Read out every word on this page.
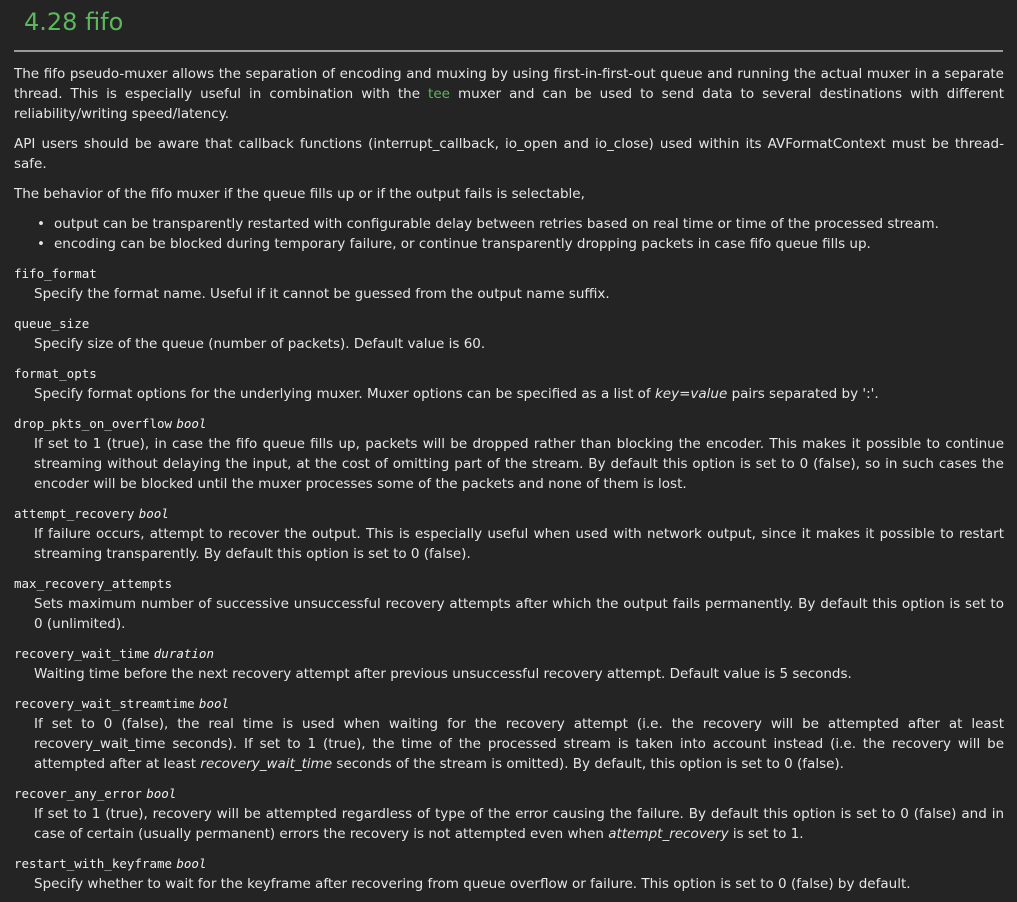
4.28 fifo

The fifo pseudo-muxer allows the separation of encoding and muxing by using first-in-first-out queue and running the actual muxer in a separate thread. This is especially useful in combination with the tee muxer and can be used to send data to several destinations with different reliability/writing speed/latency.

API users should be aware that callback functions (interrupt_callback, io_open and io_close) used within its AVFormatContext must be thread-safe.

The behavior of the fifo muxer if the queue fills up or if the output fails is selectable,

• output can be transparently restarted with configurable delay between retries based on real time or time of the processed stream.
• encoding can be blocked during temporary failure, or continue transparently dropping packets in case fifo queue fills up.
fifo_format
Specify the format name. Useful if it cannot be guessed from the output name suffix.
queue_size
Specify size of the queue (number of packets). Default value is 60.
format_opts
Specify format options for the underlying muxer. Muxer options can be specified as a list of key=value pairs separated by ':'.
drop_pkts_on_overflow bool
If set to 1 (true), in case the fifo queue fills up, packets will be dropped rather than blocking the encoder. This makes it possible to continue streaming without delaying the input, at the cost of omitting part of the stream. By default this option is set to 0 (false), so in such cases the encoder will be blocked until the muxer processes some of the packets and none of them is lost.
attempt_recovery bool
If failure occurs, attempt to recover the output. This is especially useful when used with network output, since it makes it possible to restart streaming transparently. By default this option is set to 0 (false).
max_recovery_attempts
Sets maximum number of successive unsuccessful recovery attempts after which the output fails permanently. By default this option is set to 0 (unlimited).
recovery_wait_time duration
Waiting time before the next recovery attempt after previous unsuccessful recovery attempt. Default value is 5 seconds.
recovery_wait_streamtime bool
If set to 0 (false), the real time is used when waiting for the recovery attempt (i.e. the recovery will be attempted after at least recovery_wait_time seconds). If set to 1 (true), the time of the processed stream is taken into account instead (i.e. the recovery will be attempted after at least recovery_wait_time seconds of the stream is omitted). By default, this option is set to 0 (false).
recover_any_error bool
If set to 1 (true), recovery will be attempted regardless of type of the error causing the failure. By default this option is set to 0 (false) and in case of certain (usually permanent) errors the recovery is not attempted even when attempt_recovery is set to 1.
restart_with_keyframe bool
Specify whether to wait for the keyframe after recovering from queue overflow or failure. This option is set to 0 (false) by default.
